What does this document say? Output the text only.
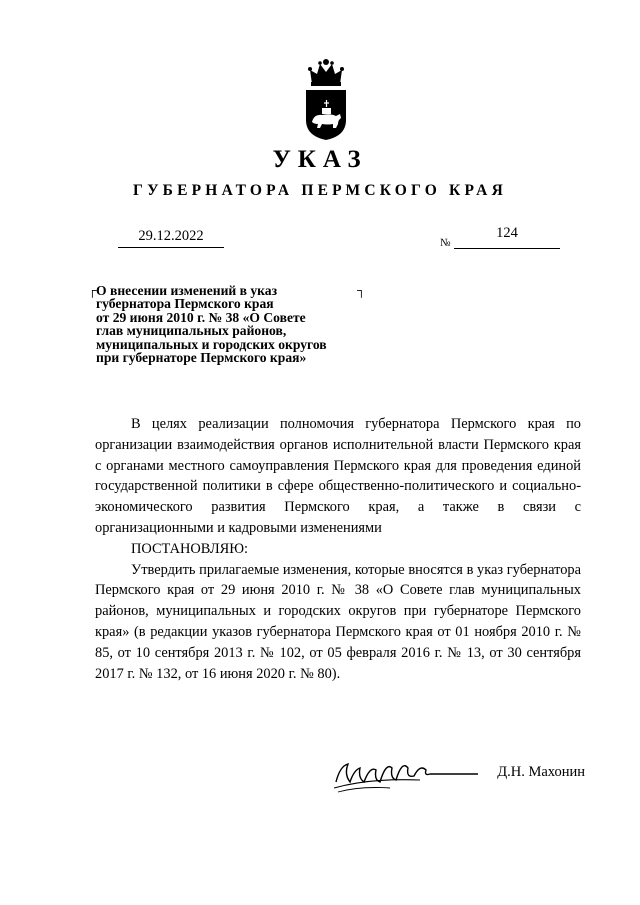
УКАЗ
ГУБЕРНАТОРА ПЕРМСКОГО КРАЯ
29.12.2022	№
124
┌	┐
О внесении изменений в указ
губернатора Пермского края
от 29 июня 2010 г. № 38 «О Совете
глав муниципальных районов,
муниципальных и городских округов
при губернаторе Пермского края»

В целях реализации полномочия губернатора Пермского края по организации взаимодействия органов исполнительной власти Пермского края с органами местного самоуправления Пермского края для проведения единой государственной политики в сфере общественно-политического и социально-экономического развития Пермского края, а также в связи с организационными и кадровыми изменениями

ПОСТАНОВЛЯЮ:

Утвердить прилагаемые изменения, которые вносятся в указ губернатора Пермского края от 29 июня 2010 г. № 38 «О Совете глав муниципальных районов, муниципальных и городских округов при губернаторе Пермского края» (в редакции указов губернатора Пермского края от 01 ноября 2010 г. № 85, от 10 сентября 2013 г. № 102, от 05 февраля 2016 г. № 13, от 30 сентября 2017 г. № 132, от 16 июня 2020 г. № 80).

Д.Н. Махонин
